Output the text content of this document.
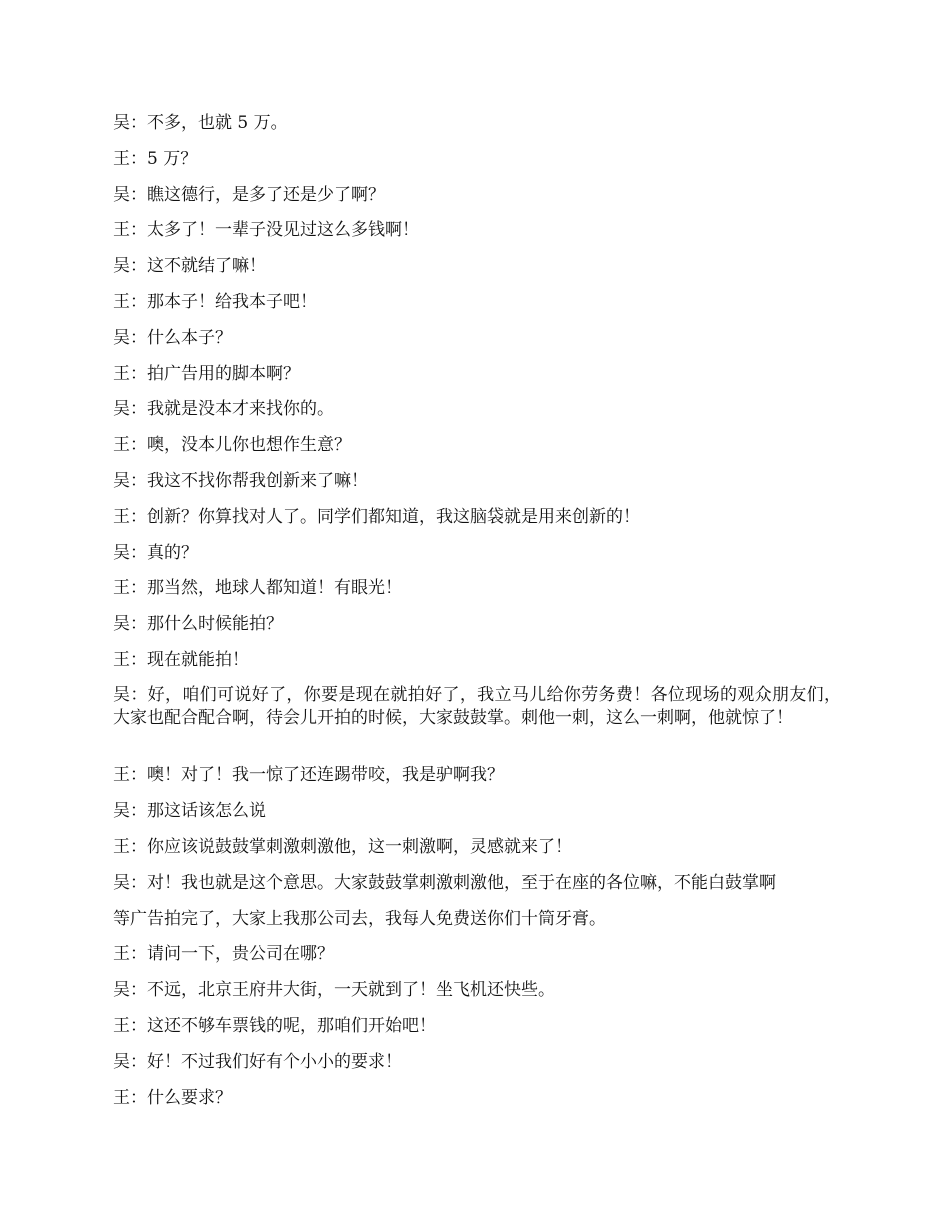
吴：不多，也就 5 万。
王：5 万？
吴：瞧这德行，是多了还是少了啊？
王：太多了！一辈子没见过这么多钱啊！
吴：这不就结了嘛！
王：那本子！给我本子吧！
吴：什么本子？
王：拍广告用的脚本啊？
吴：我就是没本才来找你的。
王：噢，没本儿你也想作生意？
吴：我这不找你帮我创新来了嘛！
王：创新？你算找对人了。同学们都知道，我这脑袋就是用来创新的！
吴：真的？
王：那当然，地球人都知道！有眼光！
吴：那什么时候能拍？
王：现在就能拍！
吴：好，咱们可说好了，你要是现在就拍好了，我立马儿给你劳务费！各位现场的观众朋友们，大家也配合配合啊，待会儿开拍的时候，大家鼓鼓掌。刺他一刺，这么一刺啊，他就惊了！
王：噢！对了！我一惊了还连踢带咬，我是驴啊我？
吴：那这话该怎么说
王：你应该说鼓鼓掌刺激刺激他，这一刺激啊，灵感就来了！
吴：对！我也就是这个意思。大家鼓鼓掌刺激刺激他，至于在座的各位嘛，不能白鼓掌啊
等广告拍完了，大家上我那公司去，我每人免费送你们十筒牙膏。
王：请问一下，贵公司在哪？
吴：不远，北京王府井大街，一天就到了！坐飞机还快些。
王：这还不够车票钱的呢，那咱们开始吧！
吴：好！不过我们好有个小小的要求！
王：什么要求？
